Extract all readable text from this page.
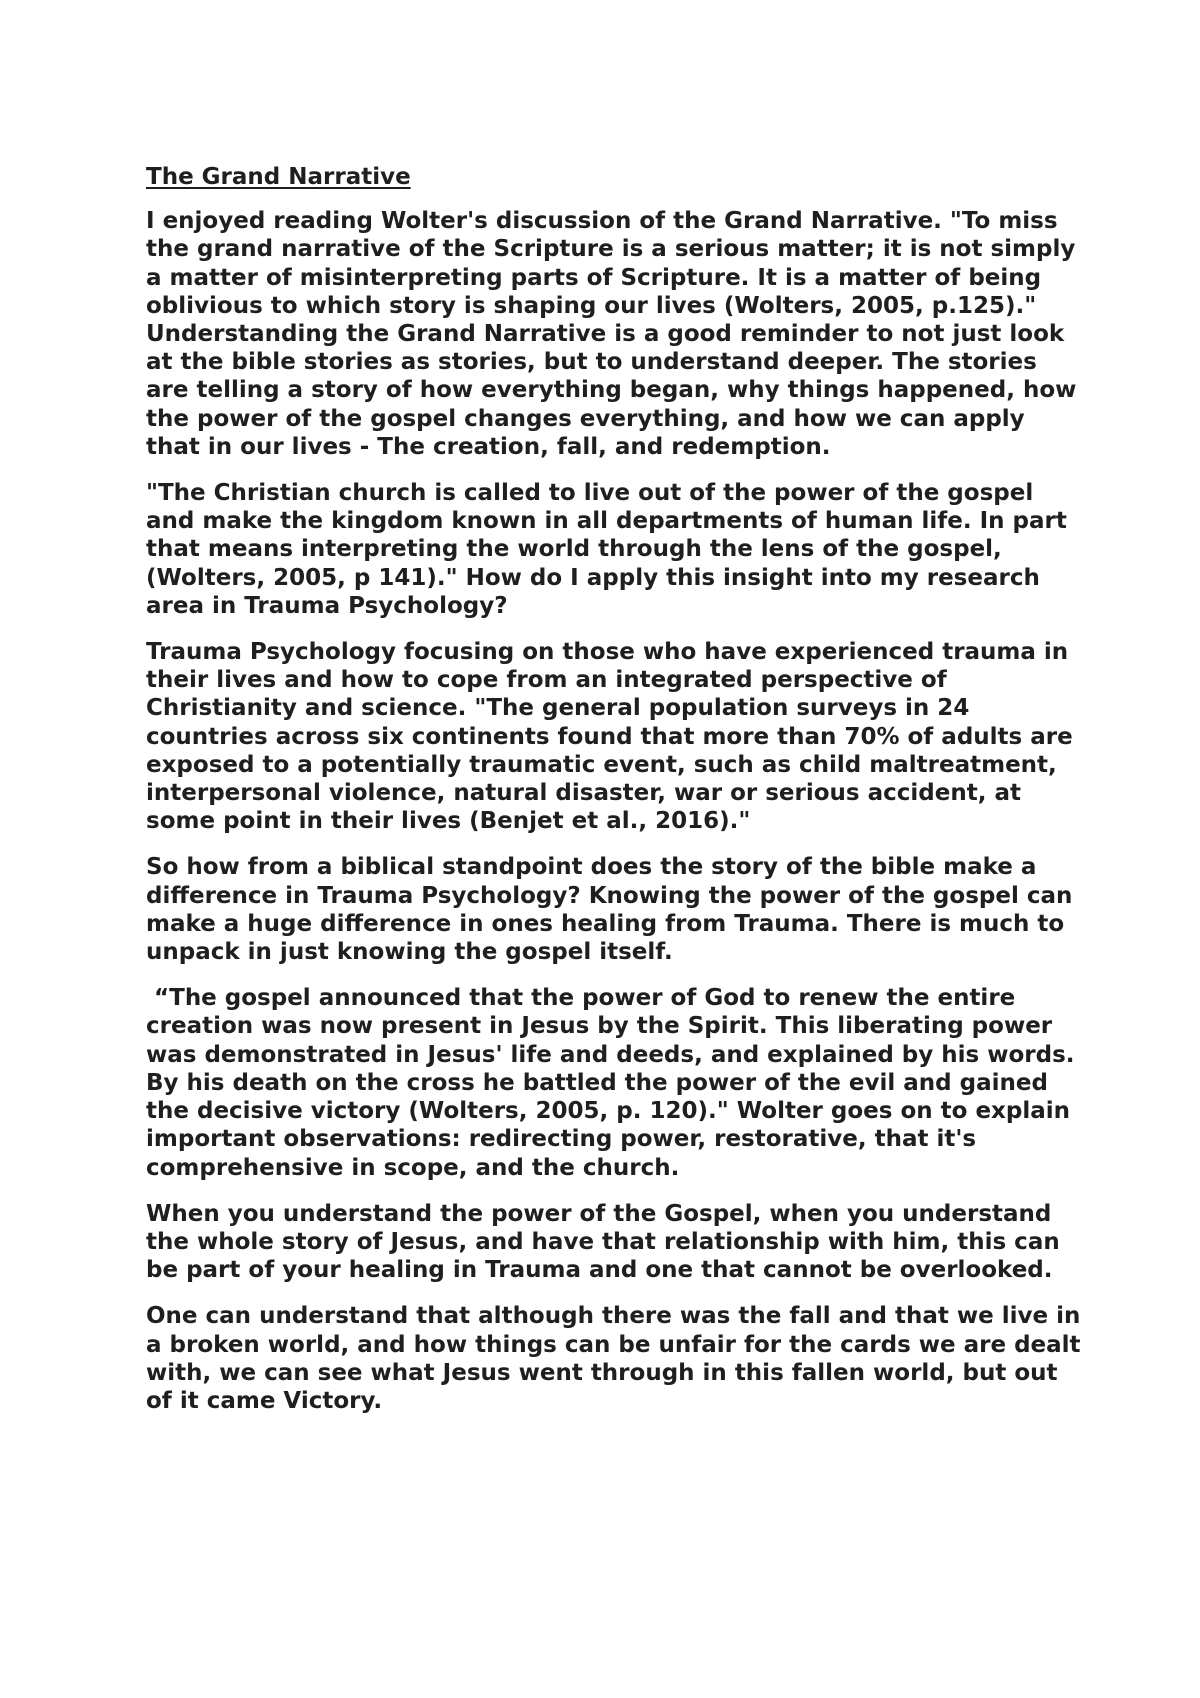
The Grand Narrative

I enjoyed reading Wolter's discussion of the Grand Narrative. "To miss the grand narrative of the Scripture is a serious matter; it is not simply a matter of misinterpreting parts of Scripture. It is a matter of being oblivious to which story is shaping our lives (Wolters, 2005, p.125)." Understanding the Grand Narrative is a good reminder to not just look at the bible stories as stories, but to understand deeper. The stories are telling a story of how everything began, why things happened, how the power of the gospel changes everything, and how we can apply that in our lives - The creation, fall, and redemption.

"The Christian church is called to live out of the power of the gospel and make the kingdom known in all departments of human life. In part that means interpreting the world through the lens of the gospel, (Wolters, 2005, p 141)." How do I apply this insight into my research area in Trauma Psychology?

Trauma Psychology focusing on those who have experienced trauma in their lives and how to cope from an integrated perspective of Christianity and science. "The general population surveys in 24 countries across six continents found that more than 70% of adults are exposed to a potentially traumatic event, such as child maltreatment, interpersonal violence, natural disaster, war or serious accident, at some point in their lives (Benjet et al., 2016)."

So how from a biblical standpoint does the story of the bible make a difference in Trauma Psychology? Knowing the power of the gospel can make a huge difference in ones healing from Trauma. There is much to unpack in just knowing the gospel itself.

“The gospel announced that the power of God to renew the entire creation was now present in Jesus by the Spirit. This liberating power was demonstrated in Jesus' life and deeds, and explained by his words. By his death on the cross he battled the power of the evil and gained the decisive victory (Wolters, 2005, p. 120)." Wolter goes on to explain important observations: redirecting power, restorative, that it's comprehensive in scope, and the church.

When you understand the power of the Gospel, when you understand the whole story of Jesus, and have that relationship with him, this can be part of your healing in Trauma and one that cannot be overlooked.

One can understand that although there was the fall and that we live in a broken world, and how things can be unfair for the cards we are dealt with, we can see what Jesus went through in this fallen world, but out of it came Victory.
